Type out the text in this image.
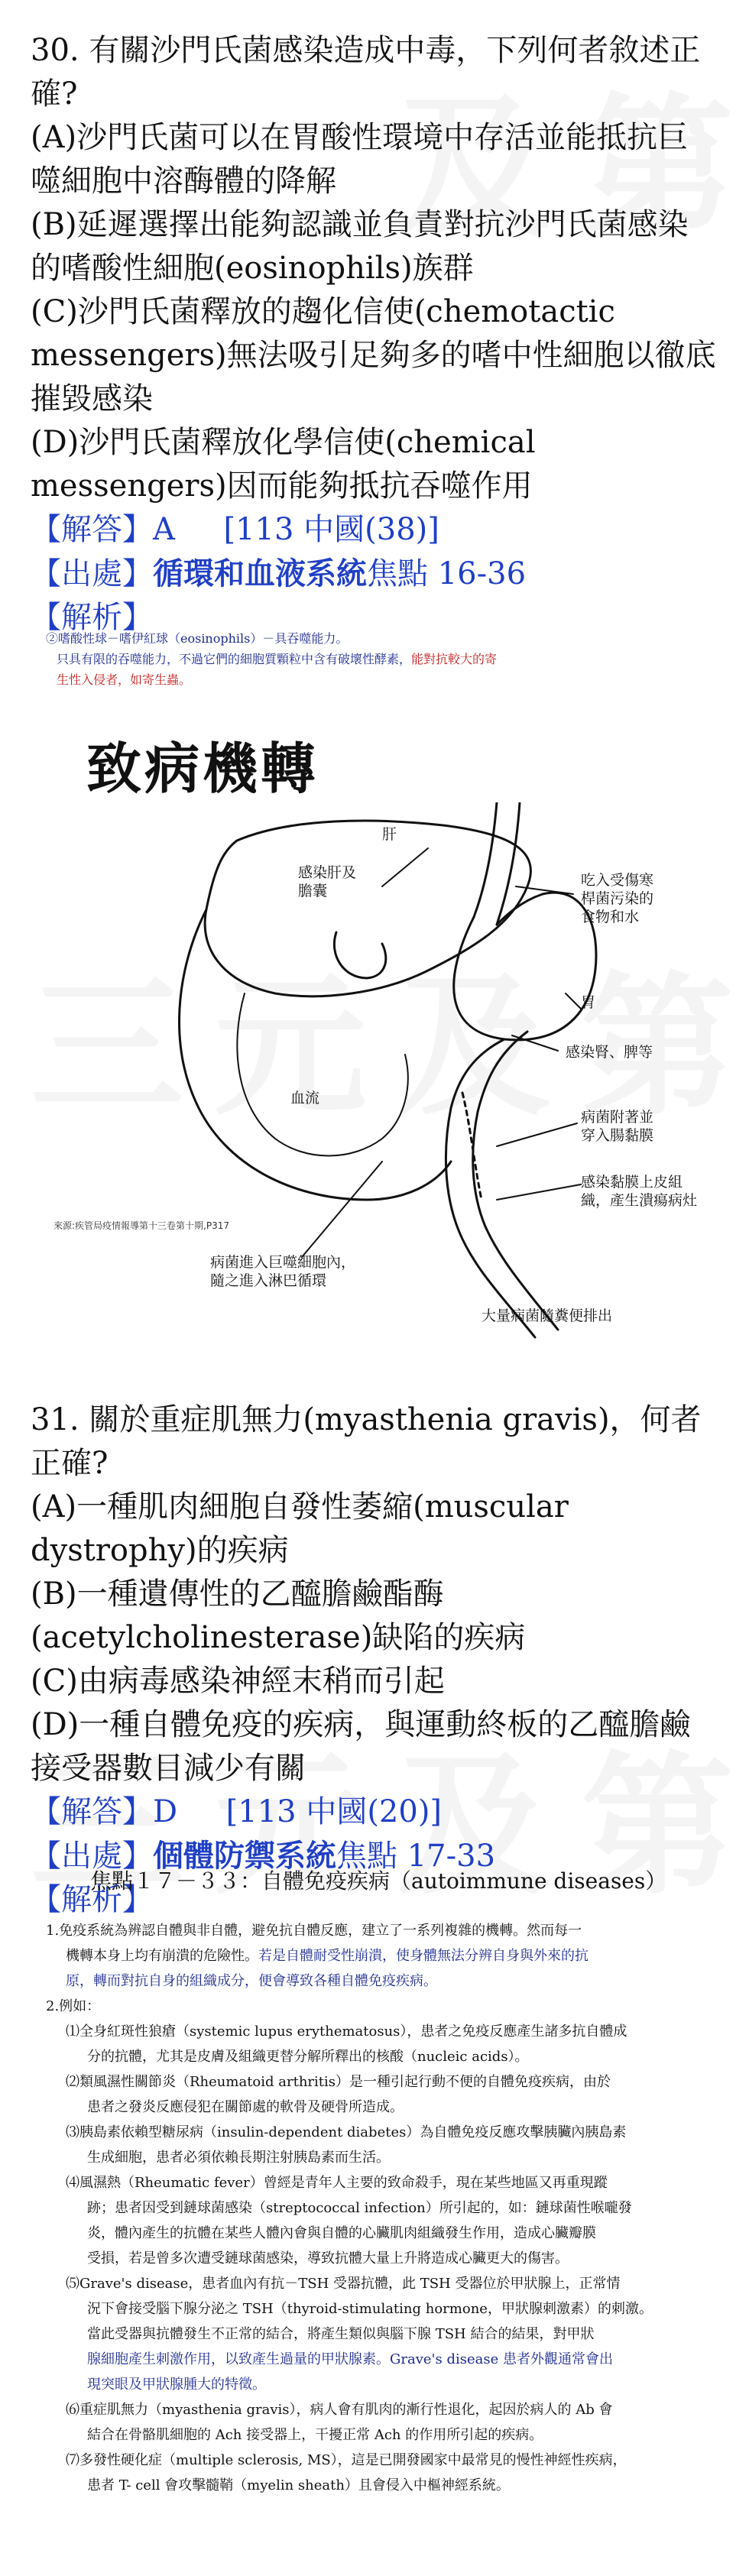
30. 有關沙門氏菌感染造成中毒，下列何者敘述正確?

(A)沙門氏菌可以在胃酸性環境中存活並能抵抗巨噬細胞中溶酶體的降解

(B)延遲選擇出能夠認識並負責對抗沙門氏菌感染的嗜酸性細胞(eosinophils)族群

(C)沙門氏菌釋放的趨化信使(chemotactic messengers)無法吸引足夠多的嗜中性細胞以徹底摧毀感染

(D)沙門氏菌釋放化學信使(chemical messengers)因而能夠抵抗吞噬作用

【解答】A [113 中國(38)]

【出處】循環和血液系統焦點 16-36

【解析】

②嗜酸性球－嗜伊紅球（eosinophils）－具吞噬能力。

只具有限的吞噬能力，不過它們的細胞質顆粒中含有破壞性酵素，能對抗較大的寄

生性入侵者，如寄生蟲。

致病機轉
肝
感染肝及
膽囊
吃入受傷寒
桿菌污染的
食物和水
胃
感染腎、脾等
血流
病菌附著並
穿入腸黏膜
感染黏膜上皮組
織，產生潰瘍病灶
病菌進入巨噬細胞內，
隨之進入淋巴循環
大量病菌隨糞便排出
來源:疾管局疫情報導第十三卷第十期,P317

31. 關於重症肌無力(myasthenia gravis)，何者正確?

(A)一種肌肉細胞自發性萎縮(muscular dystrophy)的疾病

(B)一種遺傳性的乙醯膽鹼酯酶(acetylcholinesterase)缺陷的疾病

(C)由病毒感染神經末稍而引起

(D)一種自體免疫的疾病，與運動終板的乙醯膽鹼接受器數目減少有關

【解答】D [113 中國(20)]

【出處】個體防禦系統焦點 17-33

【解析】

焦點１７－３３：自體免疫疾病（autoimmune diseases）

1.免疫系統為辨認自體與非自體，避免抗自體反應，建立了一系列複雜的機轉。然而每一

機轉本身上均有崩潰的危險性。若是自體耐受性崩潰，使身體無法分辨自身與外來的抗

原，轉而對抗自身的組織成分，便會導致各種自體免疫疾病。

2.例如：

⑴全身紅斑性狼瘡（systemic lupus erythematosus），患者之免疫反應產生諸多抗自體成

分的抗體，尤其是皮膚及組織更替分解所釋出的核酸（nucleic acids）。

⑵類風濕性關節炎（Rheumatoid arthritis）是一種引起行動不便的自體免疫疾病，由於

患者之發炎反應侵犯在關節處的軟骨及硬骨所造成。

⑶胰島素依賴型糖尿病（insulin-dependent diabetes）為自體免疫反應攻擊胰臟內胰島素

生成細胞，患者必須依賴長期注射胰島素而生活。

⑷風濕熱（Rheumatic fever）曾經是青年人主要的致命殺手，現在某些地區又再重現蹤

跡；患者因受到鏈球菌感染（streptococcal infection）所引起的，如：鏈球菌性喉嚨發

炎，體內產生的抗體在某些人體內會與自體的心臟肌肉組織發生作用，造成心臟瓣膜

受損，若是曾多次遭受鏈球菌感染，導致抗體大量上升將造成心臟更大的傷害。

⑸Grave's disease，患者血內有抗－TSH 受器抗體，此 TSH 受器位於甲狀腺上，正常情

況下會接受腦下腺分泌之 TSH（thyroid-stimulating hormone，甲狀腺刺激素）的刺激。

當此受器與抗體發生不正常的結合，將產生類似與腦下腺 TSH 結合的結果，對甲狀

腺細胞產生刺激作用，以致產生過量的甲狀腺素。Grave's disease 患者外觀通常會出

現突眼及甲狀腺腫大的特徵。

⑹重症肌無力（myasthenia gravis），病人會有肌肉的漸行性退化，起因於病人的 Ab 會

結合在骨骼肌細胞的 Ach 接受器上，干擾正常 Ach 的作用所引起的疾病。

⑺多發性硬化症（multiple sclerosis, MS），這是已開發國家中最常見的慢性神經性疾病，

患者 T- cell 會攻擊髓鞘（myelin sheath）且會侵入中樞神經系統。
